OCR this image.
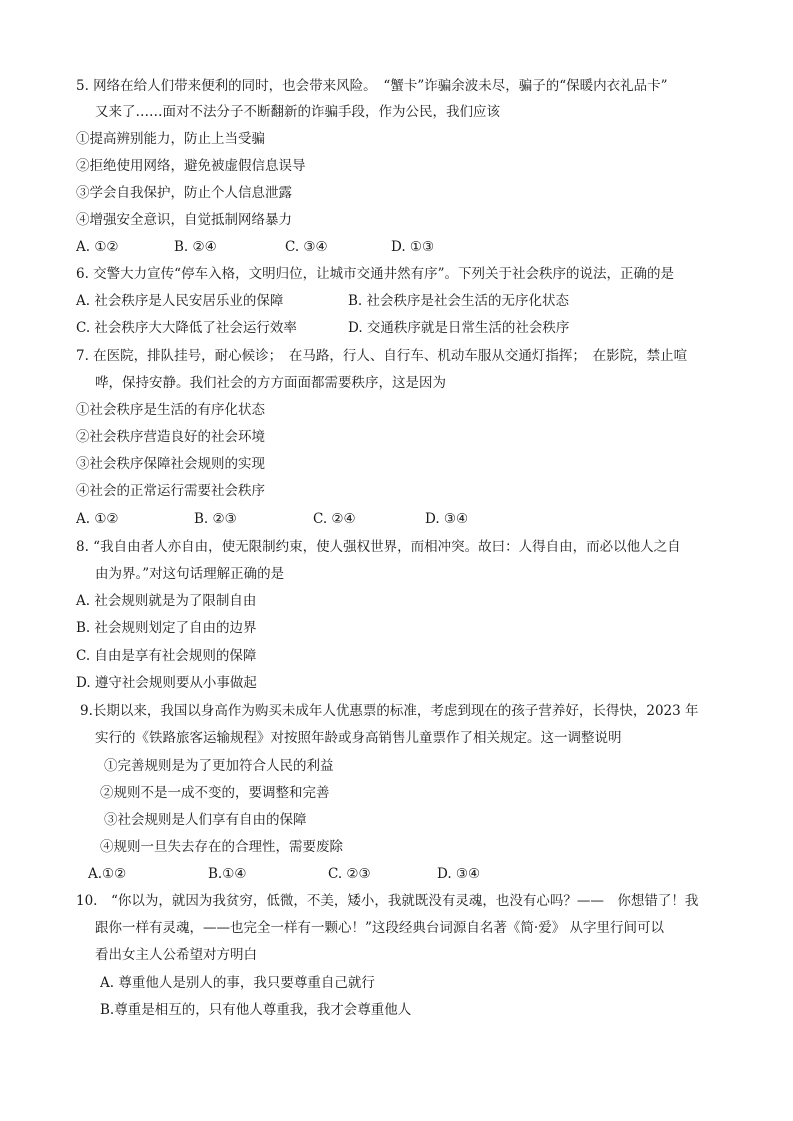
5. 网络在给人们带来便利的同时，也会带来风险。　“蟹卡”诈骗余波未尽，骗子的“保暖内衣礼品卡”
又来了……面对不法分子不断翻新的诈骗手段，作为公民，我们应该
①提高辨别能力，防止上当受骗
②拒绝使用网络，避免被虚假信息误导
③学会自我保护，防止个人信息泄露
④增强安全意识，自觉抵制网络暴力
A. ①②	B. ②④	C. ③④	D. ①③
6. 交警大力宣传“停车入格，文明归位，让城市交通井然有序”。下列关于社会秩序的说法，正确的是
A. 社会秩序是人民安居乐业的保障	B. 社会秩序是社会生活的无序化状态
C. 社会秩序大大降低了社会运行效率	D. 交通秩序就是日常生活的社会秩序
7. 在医院，排队挂号，耐心候诊；　在马路，行人、自行车、机动车服从交通灯指挥；　在影院，禁止喧
哗，保持安静。我们社会的方方面面都需要秩序，这是因为
①社会秩序是生活的有序化状态
②社会秩序营造良好的社会环境
③社会秩序保障社会规则的实现
④社会的正常运行需要社会秩序
A. ①②	B. ②③	C. ②④	D. ③④
8. “我自由者人亦自由，使无限制约束，使人强权世界，而相冲突。故曰：人得自由，而必以他人之自
由为界。”对这句话理解正确的是
A. 社会规则就是为了限制自由
B. 社会规则划定了自由的边界
C. 自由是享有社会规则的保障
D. 遵守社会规则要从小事做起
9.长期以来，我国以身高作为购买未成年人优惠票的标准，考虑到现在的孩子营养好，长得快，2023 年
实行的《铁路旅客运输规程》对按照年龄或身高销售儿童票作了相关规定。这一调整说明
①完善规则是为了更加符合人民的利益
②规则不是一成不变的，要调整和完善
③社会规则是人们享有自由的保障
④规则一旦失去存在的合理性，需要废除
A.①②	B.①④	C. ②③	D. ③④
10.　“你以为，就因为我贫穷，低微，不美，矮小，我就既没有灵魂，也没有心吗？——　你想错了！我
跟你一样有灵魂，——也完全一样有一颗心！”这段经典台词源自名著《简·爱》 从字里行间可以
看出女主人公希望对方明白
A. 尊重他人是别人的事，我只要尊重自己就行
B.尊重是相互的，只有他人尊重我，我才会尊重他人
